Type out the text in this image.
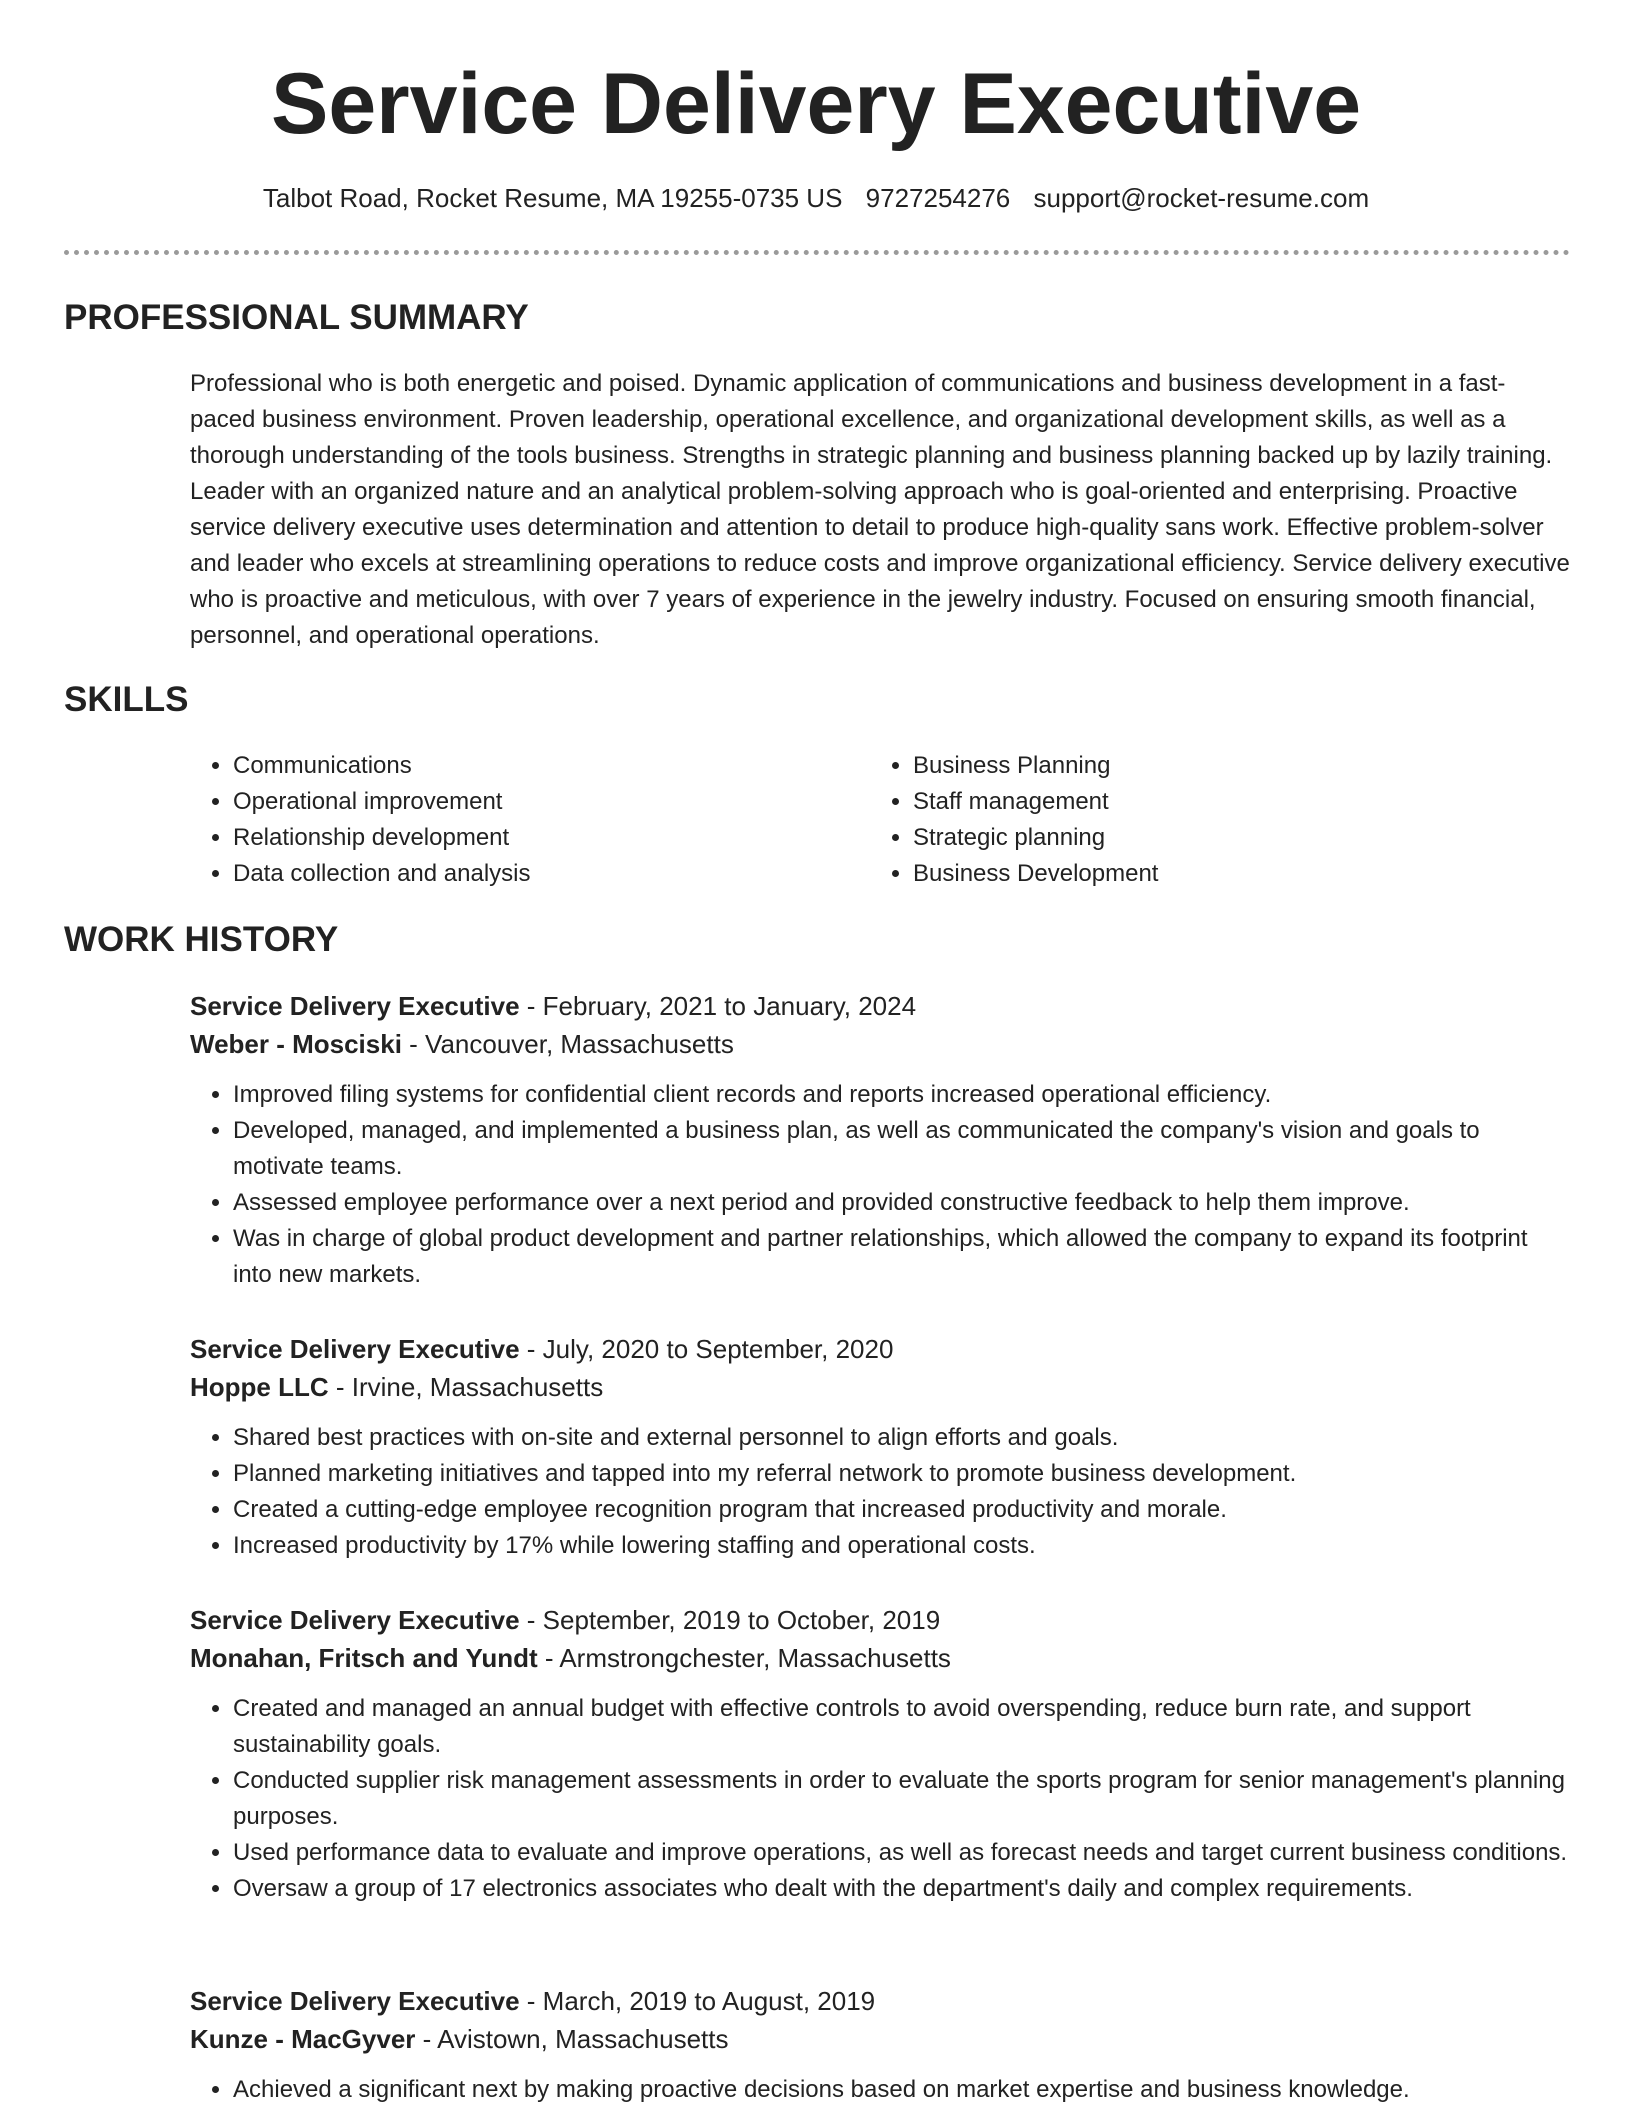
Service Delivery Executive
Talbot Road, Rocket Resume, MA 19255-0735 US 9727254276 support@rocket-resume.com
PROFESSIONAL SUMMARY

Professional who is both energetic and poised. Dynamic application of communications and business development in a fast-paced business environment. Proven leadership, operational excellence, and organizational development skills, as well as a thorough understanding of the tools business. Strengths in strategic planning and business planning backed up by lazily training. Leader with an organized nature and an analytical problem-solving approach who is goal-oriented and enterprising. Proactive service delivery executive uses determination and attention to detail to produce high-quality sans work. Effective problem-solver and leader who excels at streamlining operations to reduce costs and improve organizational efficiency. Service delivery executive who is proactive and meticulous, with over 7 years of experience in the jewelry industry. Focused on ensuring smooth financial, personnel, and operational operations.

SKILLS
• Communications
• Operational improvement
• Relationship development
• Data collection and analysis
• Business Planning
• Staff management
• Strategic planning
• Business Development
WORK HISTORY

Service Delivery Executive - February, 2021 to January, 2024

Weber - Mosciski - Vancouver, Massachusetts

• Improved filing systems for confidential client records and reports increased operational efficiency.
• Developed, managed, and implemented a business plan, as well as communicated the company's vision and goals to motivate teams.
• Assessed employee performance over a next period and provided constructive feedback to help them improve.
• Was in charge of global product development and partner relationships, which allowed the company to expand its footprint into new markets.

Service Delivery Executive - July, 2020 to September, 2020

Hoppe LLC - Irvine, Massachusetts

• Shared best practices with on-site and external personnel to align efforts and goals.
• Planned marketing initiatives and tapped into my referral network to promote business development.
• Created a cutting-edge employee recognition program that increased productivity and morale.
• Increased productivity by 17% while lowering staffing and operational costs.

Service Delivery Executive - September, 2019 to October, 2019

Monahan, Fritsch and Yundt - Armstrongchester, Massachusetts

• Created and managed an annual budget with effective controls to avoid overspending, reduce burn rate, and support sustainability goals.
• Conducted supplier risk management assessments in order to evaluate the sports program for senior management's planning purposes.
• Used performance data to evaluate and improve operations, as well as forecast needs and target current business conditions.
• Oversaw a group of 17 electronics associates who dealt with the department's daily and complex requirements.

Service Delivery Executive - March, 2019 to August, 2019

Kunze - MacGyver - Avistown, Massachusetts

• Achieved a significant next by making proactive decisions based on market expertise and business knowledge.
